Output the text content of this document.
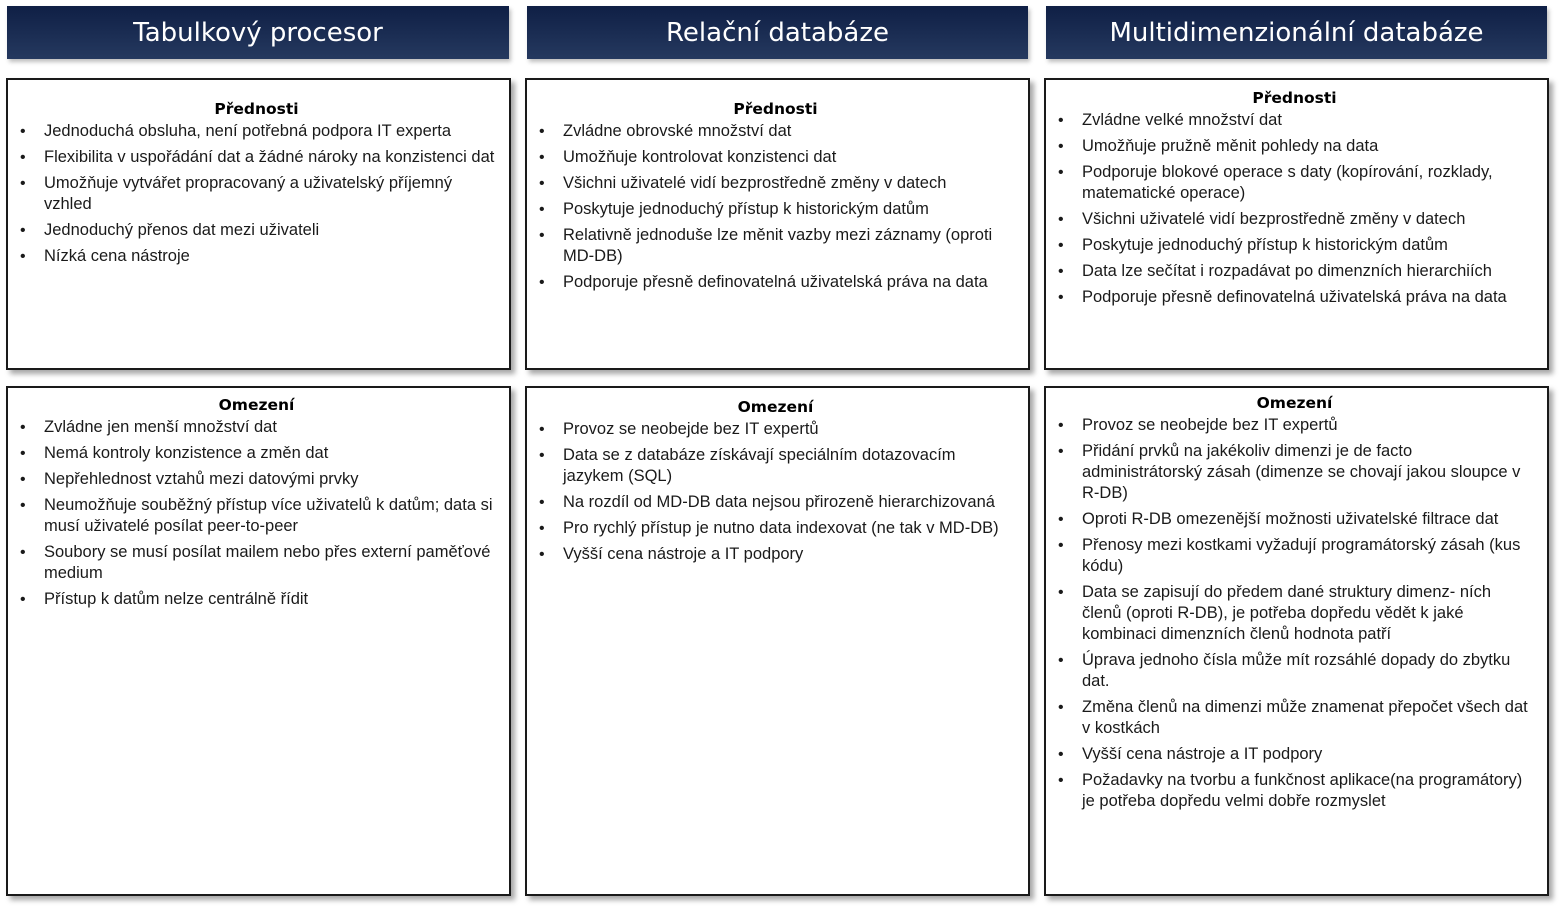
Tabulkový procesor	Relační databáze	Multidimenzionální databáze
Přednosti
• Jednoduchá obsluha, není potřebná podpora IT experta
• Flexibilita v uspořádání dat a žádné nároky na konzistenci dat
• Umožňuje vytvářet propracovaný a uživatelský příjemný vzhled
• Jednoduchý přenos dat mezi uživateli
• Nízká cena nástroje
Přednosti
• Zvládne obrovské množství dat
• Umožňuje kontrolovat konzistenci dat
• Všichni uživatelé vidí bezprostředně změny v datech
• Poskytuje jednoduchý přístup k historickým datům
• Relativně jednoduše lze měnit vazby mezi záznamy (oproti MD-DB)
• Podporuje přesně definovatelná uživatelská práva na data
Přednosti
• Zvládne velké množství dat
• Umožňuje pružně měnit pohledy na data
• Podporuje blokové operace s daty (kopírování, rozklady, matematické operace)
• Všichni uživatelé vidí bezprostředně změny v datech
• Poskytuje jednoduchý přístup k historickým datům
• Data lze sečítat i rozpadávat po dimenzních hierarchiích
• Podporuje přesně definovatelná uživatelská práva na data
Omezení
• Zvládne jen menší množství dat
• Nemá kontroly konzistence a změn dat
• Nepřehlednost vztahů mezi datovými prvky
• Neumožňuje souběžný přístup více uživatelů k datům; data si musí uživatelé posílat peer-to-peer
• Soubory se musí posílat mailem nebo přes externí paměťové medium
• Přístup k datům nelze centrálně řídit
Omezení
• Provoz se neobejde bez IT expertů
• Data se z databáze získávají speciálním dotazovacím jazykem (SQL)
• Na rozdíl od MD-DB data nejsou přirozeně hierarchizovaná
• Pro rychlý přístup je nutno data indexovat (ne tak v MD-DB)
• Vyšší cena nástroje a IT podpory
Omezení
• Provoz se neobejde bez IT expertů
• Přidání prvků na jakékoliv dimenzi je de facto administrátorský zásah (dimenze se chovají jakou sloupce v R-DB)
• Oproti R-DB omezenější možnosti uživatelské filtrace dat
• Přenosy mezi kostkami vyžadují programátorský zásah (kus kódu)
• Data se zapisují do předem dané struktury dimenz- ních členů (oproti R-DB), je potřeba dopředu vědět k jaké kombinaci dimenzních členů hodnota patří
• Úprava jednoho čísla může mít rozsáhlé dopady do zbytku dat.
• Změna členů na dimenzi může znamenat přepočet všech dat v kostkách
• Vyšší cena nástroje a IT podpory
• Požadavky na tvorbu a funkčnost aplikace(na programátory) je potřeba dopředu velmi dobře rozmyslet
